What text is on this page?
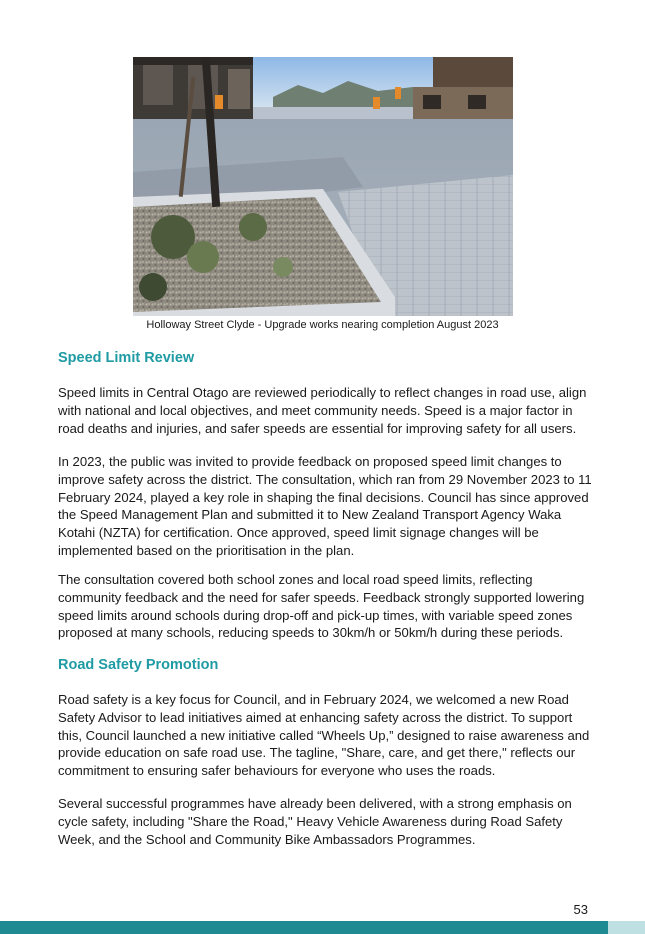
Holloway Street Clyde - Upgrade works nearing completion August 2023
Speed Limit Review

Speed limits in Central Otago are reviewed periodically to reflect changes in road use, align with national and local objectives, and meet community needs. Speed is a major factor in road deaths and injuries, and safer speeds are essential for improving safety for all users.

In 2023, the public was invited to provide feedback on proposed speed limit changes to improve safety across the district. The consultation, which ran from 29 November 2023 to 11 February 2024, played a key role in shaping the final decisions. Council has since approved the Speed Management Plan and submitted it to New Zealand Transport Agency Waka Kotahi (NZTA) for certification. Once approved, speed limit signage changes will be implemented based on the prioritisation in the plan.

The consultation covered both school zones and local road speed limits, reflecting community feedback and the need for safer speeds. Feedback strongly supported lowering speed limits around schools during drop-off and pick-up times, with variable speed zones proposed at many schools, reducing speeds to 30km/h or 50km/h during these periods.

Road Safety Promotion

Road safety is a key focus for Council, and in February 2024, we welcomed a new Road Safety Advisor to lead initiatives aimed at enhancing safety across the district. To support this, Council launched a new initiative called “Wheels Up,” designed to raise awareness and provide education on safe road use. The tagline, "Share, care, and get there," reflects our commitment to ensuring safer behaviours for everyone who uses the roads.

Several successful programmes have already been delivered, with a strong emphasis on cycle safety, including "Share the Road," Heavy Vehicle Awareness during Road Safety Week, and the School and Community Bike Ambassadors Programmes.

53
